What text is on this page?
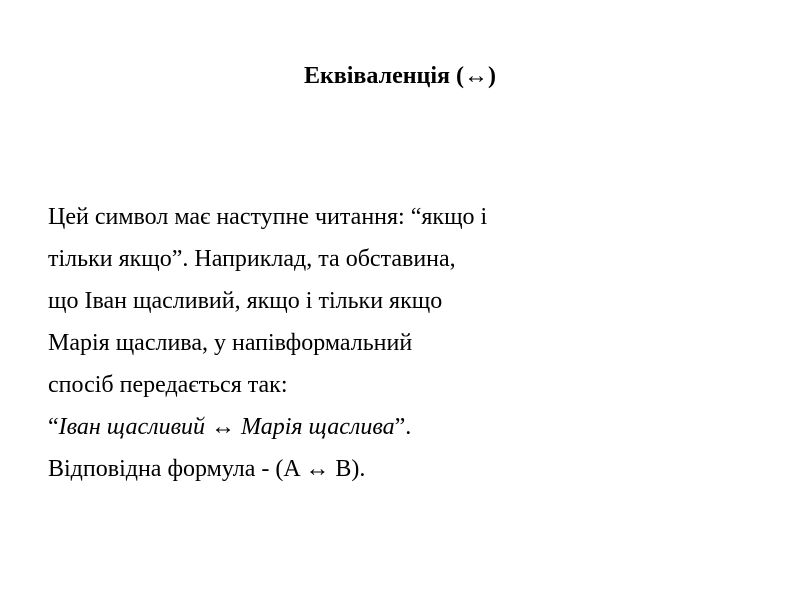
Еквіваленція (↔)
Цей символ має наступне читання: “якщо і
тільки якщо”. Наприклад, та обставина,
що Іван щасливий, якщо і тільки якщо
Марія щаслива, у напівформальний
спосіб передається так:
“Іван щасливий ↔ Марія щаслива”.
Відповідна формула - (A ↔ B).
